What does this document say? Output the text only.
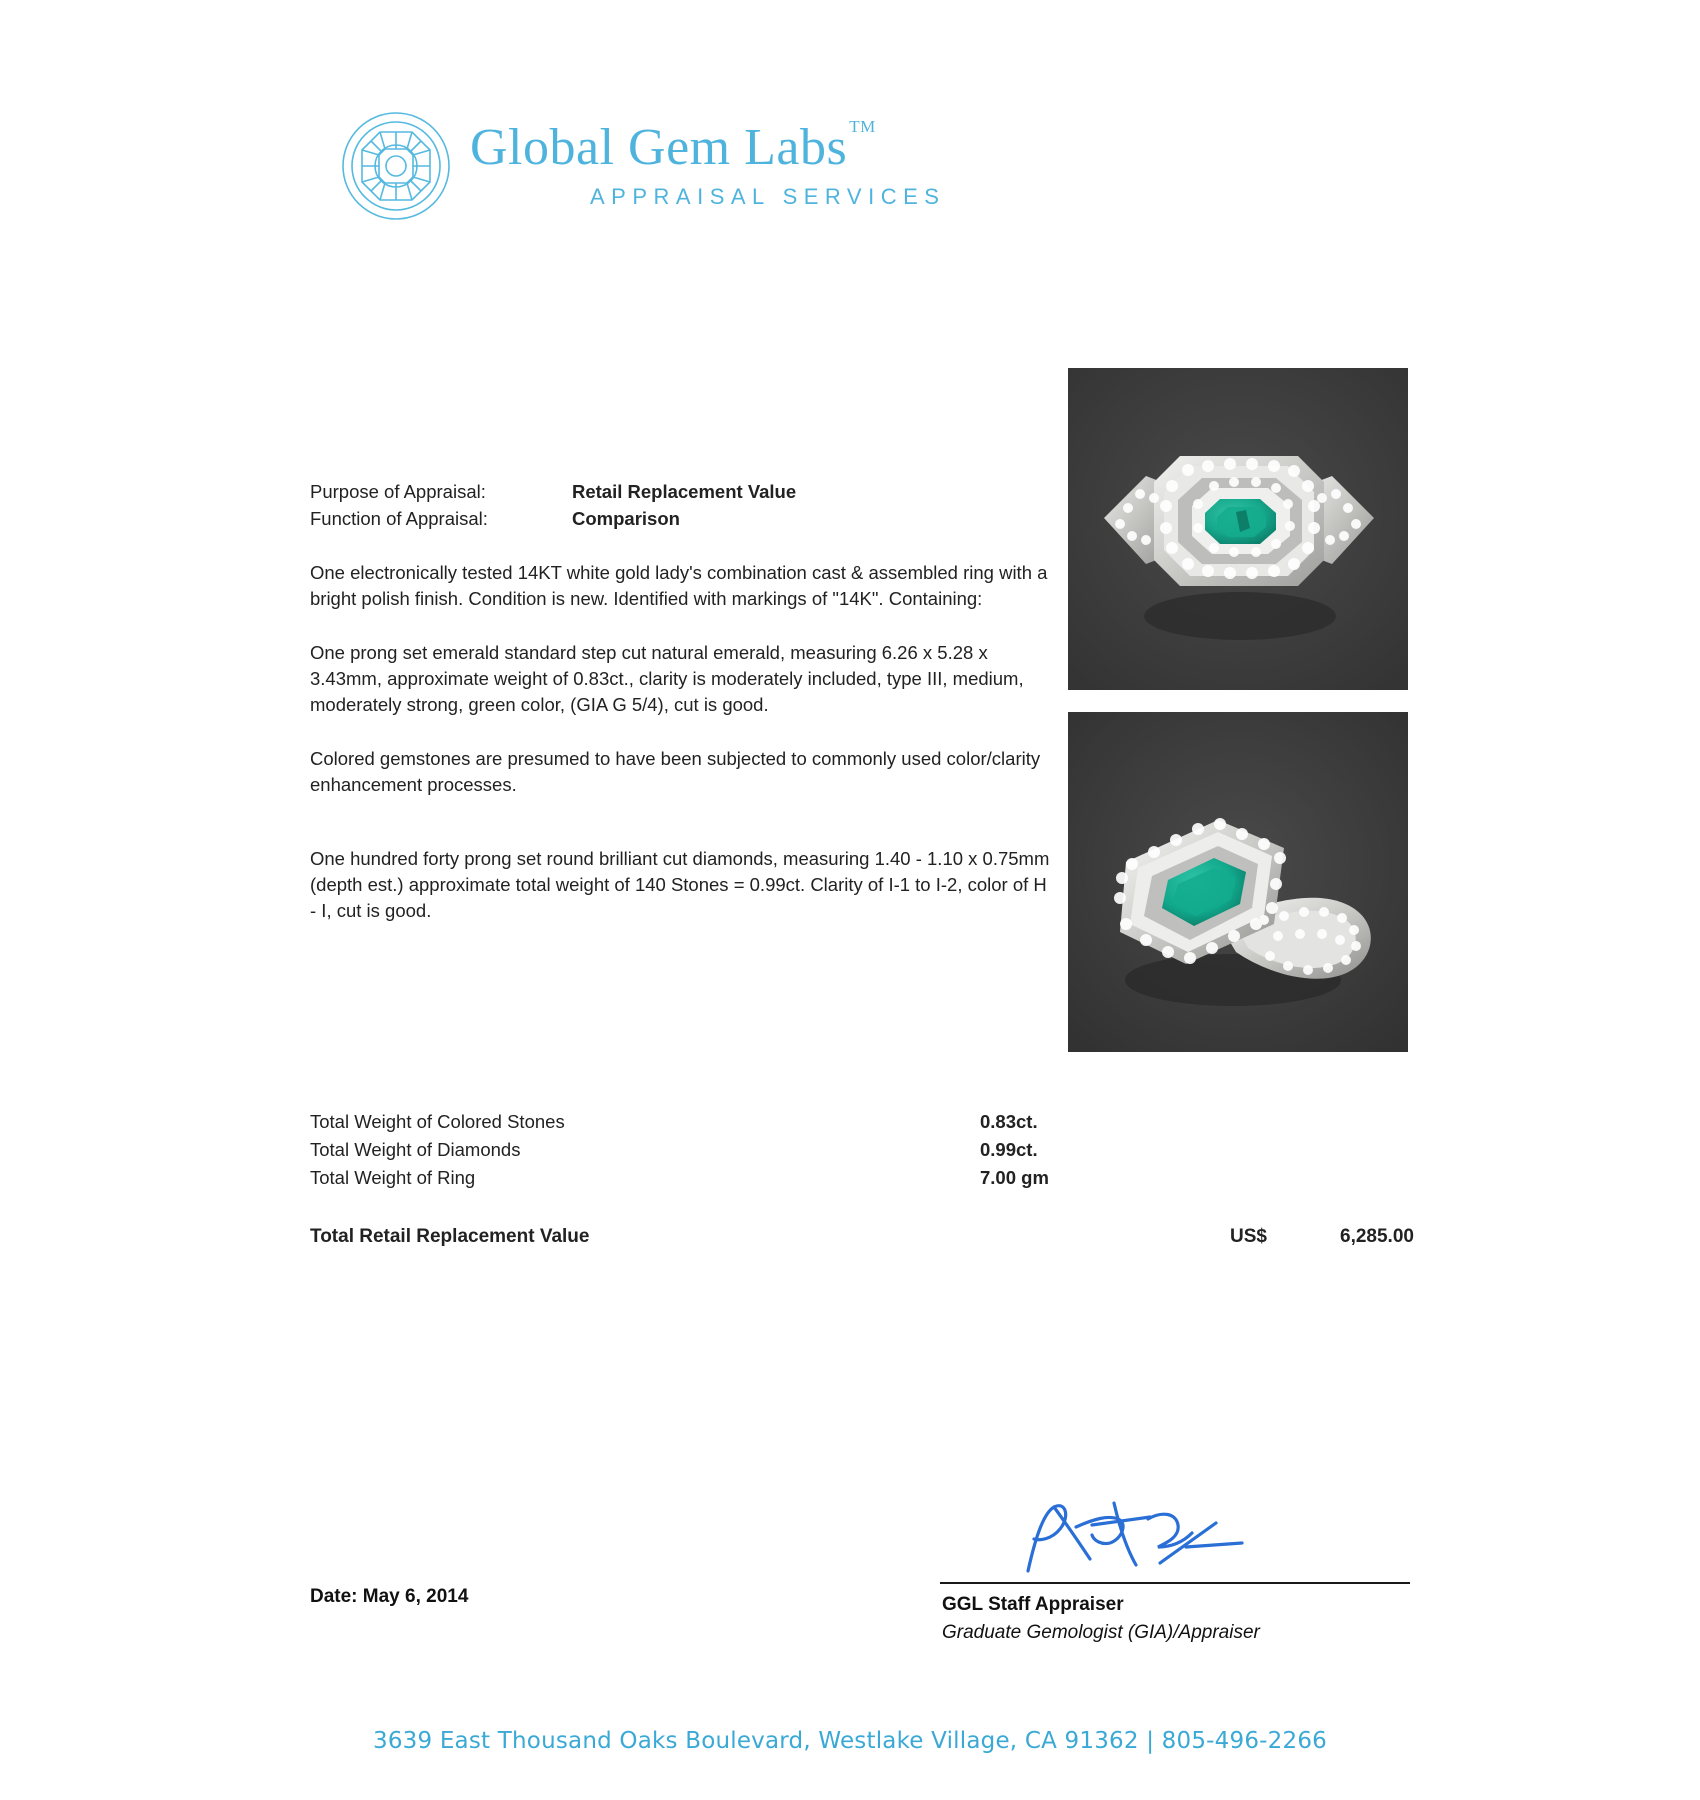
Global Gem Labs ™
APPRAISAL SERVICES
Purpose of Appraisal:	Retail Replacement Value
Function of Appraisal:	Comparison
One electronically tested 14KT white gold lady's combination cast & assembled ring with a bright polish finish. Condition is new. Identified with markings of "14K". Containing:
One prong set emerald standard step cut natural emerald, measuring 6.26 x 5.28 x 3.43mm, approximate weight of 0.83ct., clarity is moderately included, type III, medium, moderately strong, green color, (GIA G 5/4), cut is good.
Colored gemstones are presumed to have been subjected to commonly used color/clarity enhancement processes.
One hundred forty prong set round brilliant cut diamonds, measuring 1.40 - 1.10 x 0.75mm (depth est.) approximate total weight of 140 Stones = 0.99ct. Clarity of I-1 to I-2, color of H - I, cut is good.
Total Weight of Colored Stones	0.83ct.
Total Weight of Diamonds	0.99ct.
Total Weight of Ring	7.00 gm
Total Retail Replacement Value	US$	6,285.00
Date: May 6, 2014	GGL Staff Appraiser
Graduate Gemologist (GIA)/Appraiser
3639 East Thousand Oaks Boulevard, Westlake Village, CA 91362 | 805-496-2266
